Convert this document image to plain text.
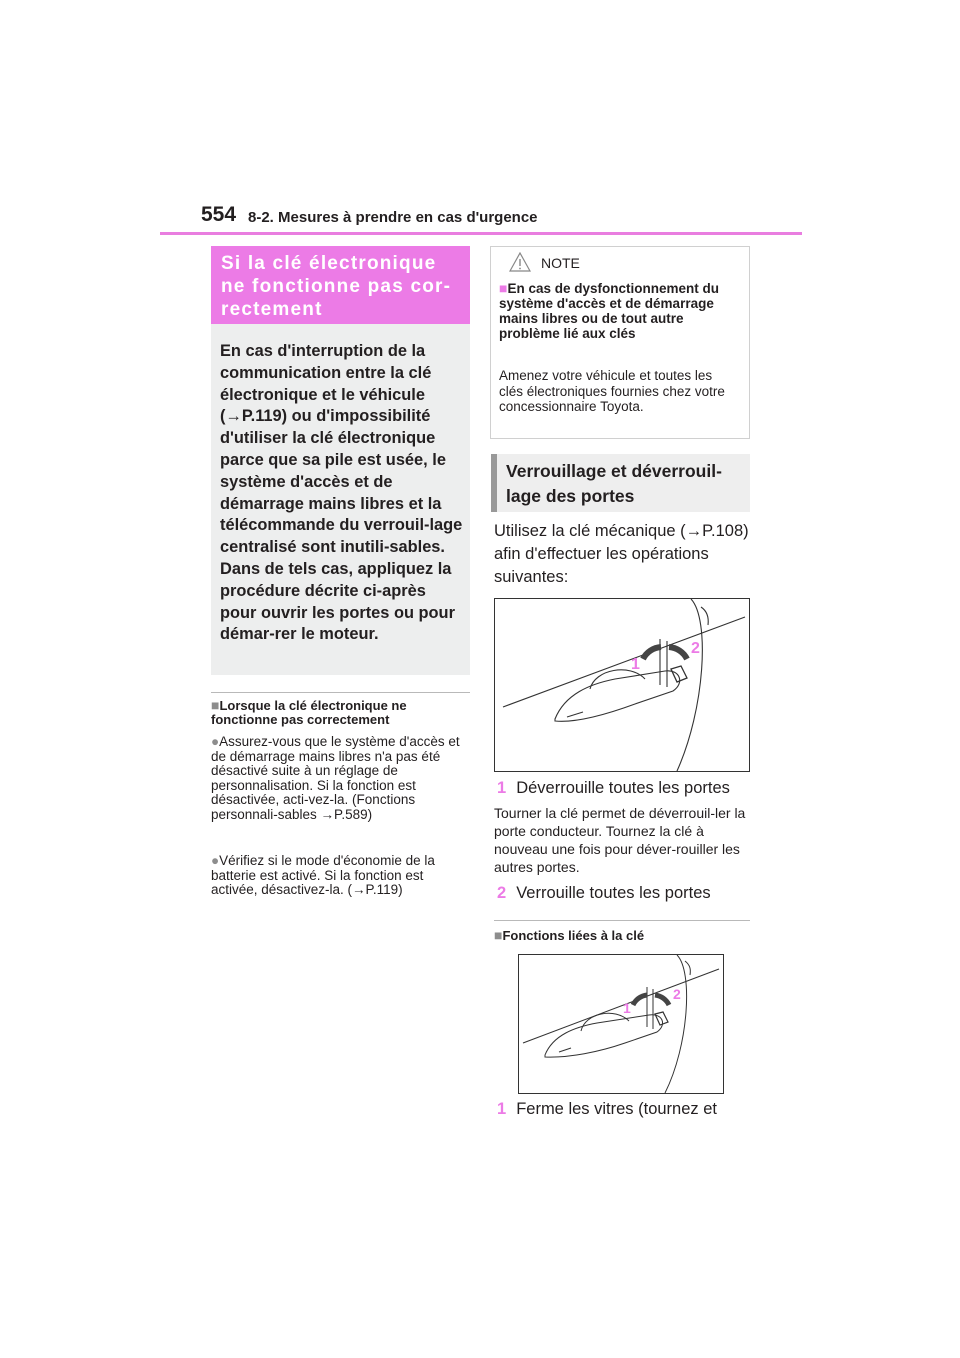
554 8-2. Mesures à prendre en cas d'urgence
Si la clé électronique ne fonctionne pas cor-rectement
En cas d'interruption de la communication entre la clé électronique et le véhicule (→P.119) ou d'impossibilité d'utiliser la clé électronique parce que sa pile est usée, le système d'accès et de démarrage mains libres et la télécommande du verrouil-lage centralisé sont inutili-sables. Dans de tels cas, appliquez la procédure décrite ci-après pour ouvrir les portes ou pour démar-rer le moteur.
■Lorsque la clé électronique ne fonctionne pas correctement
●Assurez-vous que le système d'accès et de démarrage mains libres n'a pas été désactivé suite à un réglage de personnalisation. Si la fonction est désactivée, acti-vez-la. (Fonctions personnali-sables →P.589)
●Vérifiez si le mode d'économie de la batterie est activé. Si la fonction est activée, désactivez-la. (→P.119)
NOTE
■En cas de dysfonctionnement du système d'accès et de démarrage mains libres ou de tout autre problème lié aux clés
Amenez votre véhicule et toutes les clés électroniques fournies chez votre concessionnaire Toyota.
Verrouillage et déverrouil-lage des portes
Utilisez la clé mécanique (→P.108) afin d'effectuer les opérations suivantes:
1
2
1 Déverrouille toutes les portes
Tourner la clé permet de déverrouil-ler la porte conducteur. Tournez la clé à nouveau une fois pour déver-rouiller les autres portes.
2 Verrouille toutes les portes
■Fonctions liées à la clé
1
2
1 Ferme les vitres (tournez et
